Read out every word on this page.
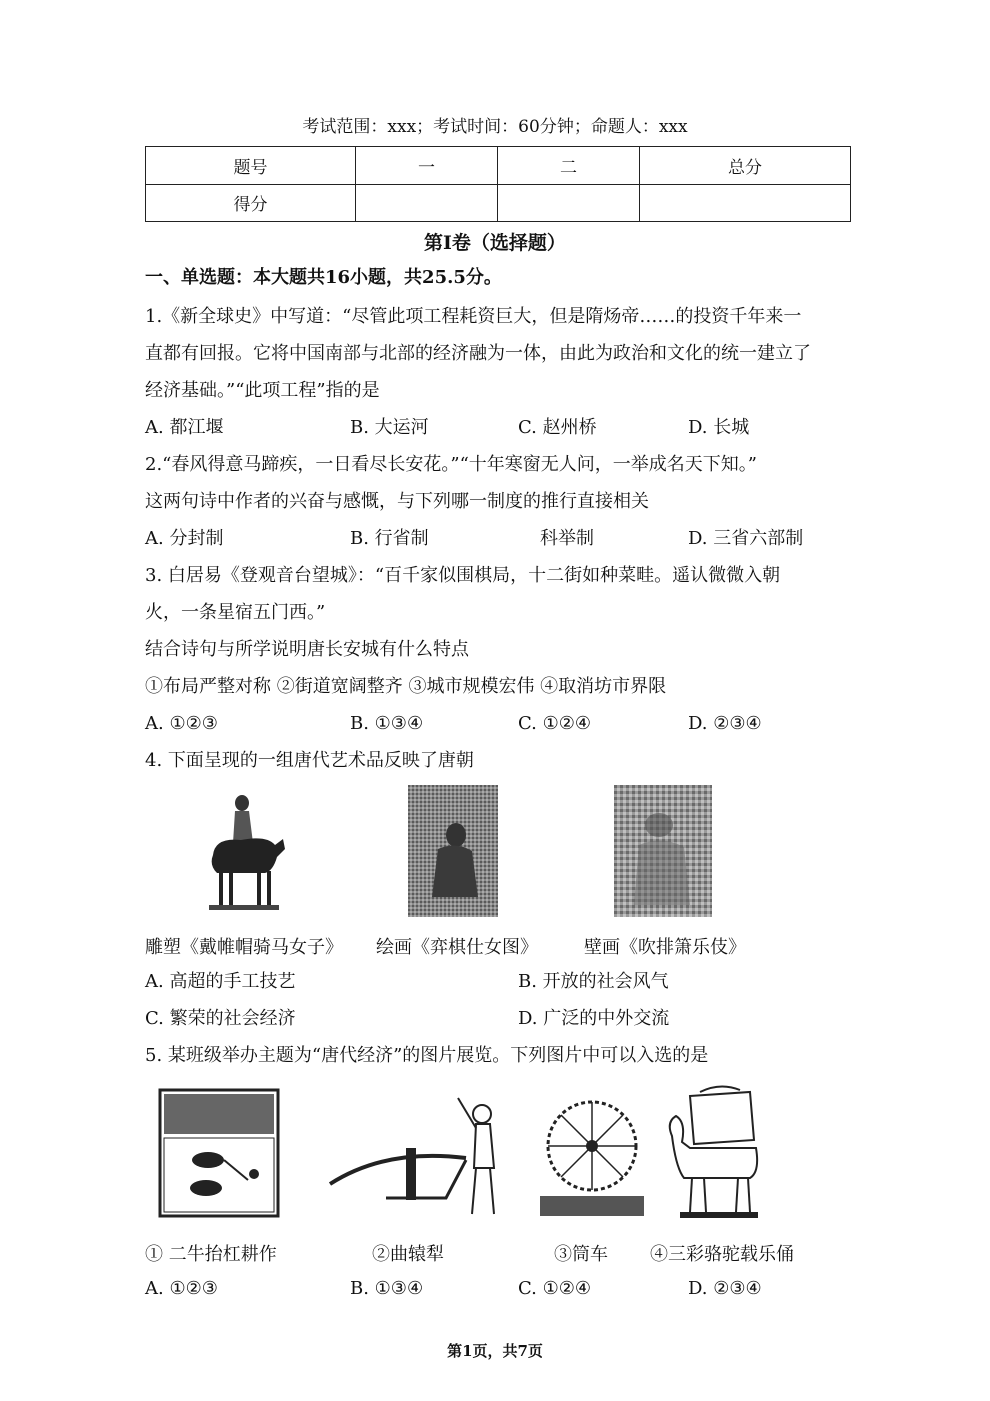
考试范围：xxx；考试时间：60分钟；命题人：xxx
题号	一	二	总分
得分			
第I卷（选择题）
一、单选题：本大题共16小题，共25.5分。
1.《新全球史》中写道：“尽管此项工程耗资巨大，但是隋炀帝……的投资千年来一
直都有回报。它将中国南部与北部的经济融为一体，由此为政治和文化的统一建立了
经济基础。”“此项工程”指的是
A. 都江堰	B. 大运河	C. 赵州桥	D. 长城
2.“春风得意马蹄疾，一日看尽长安花。”“十年寒窗无人问，一举成名天下知。”
这两句诗中作者的兴奋与感慨，与下列哪一制度的推行直接相关
A. 分封制	B. 行省制	科举制	D. 三省六部制
3. 白居易《登观音台望城》：“百千家似围棋局，十二街如种菜畦。遥认微微入朝
火，一条星宿五门西。”
结合诗句与所学说明唐长安城有什么特点
①布局严整对称 ②街道宽阔整齐 ③城市规模宏伟 ④取消坊市界限
A. ①②③	B. ①③④	C. ①②④	D. ②③④
4. 下面呈现的一组唐代艺术品反映了唐朝
雕塑《戴帷帽骑马女子》 绘画《弈棋仕女图》	壁画《吹排箫乐伎》
A. 高超的手工技艺	B. 开放的社会风气
C. 繁荣的社会经济	D. 广泛的中外交流
5. 某班级举办主题为“唐代经济”的图片展览。下列图片中可以入选的是
① 二牛抬杠耕作	②曲辕犁	③筒车 ④三彩骆驼载乐俑
A. ①②③	B. ①③④	C. ①②④	D. ②③④
第1页，共7页
